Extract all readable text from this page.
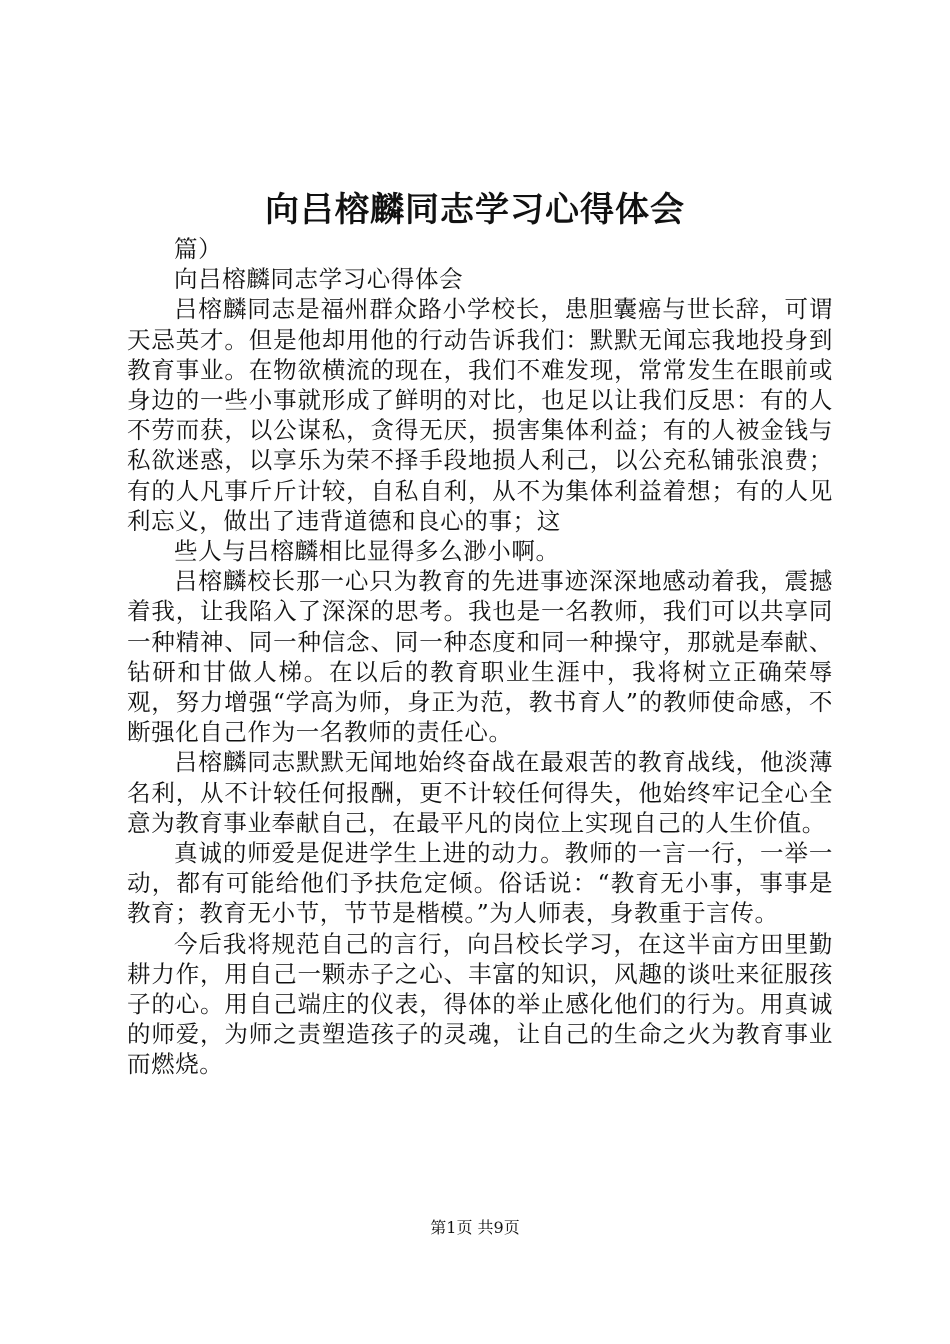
向吕榕麟同志学习心得体会

篇）

向吕榕麟同志学习心得体会

吕榕麟同志是福州群众路小学校长，患胆囊癌与世长辞，可谓天忌英才。但是他却用他的行动告诉我们：默默无闻忘我地投身到教育事业。在物欲横流的现在，我们不难发现，常常发生在眼前或身边的一些小事就形成了鲜明的对比，也足以让我们反思：有的人不劳而获，以公谋私，贪得无厌，损害集体利益；有的人被金钱与私欲迷惑，以享乐为荣不择手段地损人利己，以公充私铺张浪费；有的人凡事斤斤计较，自私自利，从不为集体利益着想；有的人见利忘义，做出了违背道德和良心的事；这

些人与吕榕麟相比显得多么渺小啊。

吕榕麟校长那一心只为教育的先进事迹深深地感动着我，震撼着我，让我陷入了深深的思考。我也是一名教师，我们可以共享同一种精神、同一种信念、同一种态度和同一种操守，那就是奉献、钻研和甘做人梯。在以后的教育职业生涯中，我将树立正确荣辱观，努力增强“学高为师，身正为范，教书育人”的教师使命感，不断强化自己作为一名教师的责任心。

吕榕麟同志默默无闻地始终奋战在最艰苦的教育战线，他淡薄名利，从不计较任何报酬，更不计较任何得失，他始终牢记全心全意为教育事业奉献自己，在最平凡的岗位上实现自己的人生价值。

真诚的师爱是促进学生上进的动力。教师的一言一行，一举一动，都有可能给他们予扶危定倾。俗话说：“教育无小事，事事是教育；教育无小节，节节是楷模。”为人师表，身教重于言传。

今后我将规范自己的言行，向吕校长学习，在这半亩方田里勤耕力作，用自己一颗赤子之心、丰富的知识，风趣的谈吐来征服孩子的心。用自己端庄的仪表，得体的举止感化他们的行为。用真诚的师爱，为师之责塑造孩子的灵魂，让自己的生命之火为教育事业而燃烧。

第1页 共9页
